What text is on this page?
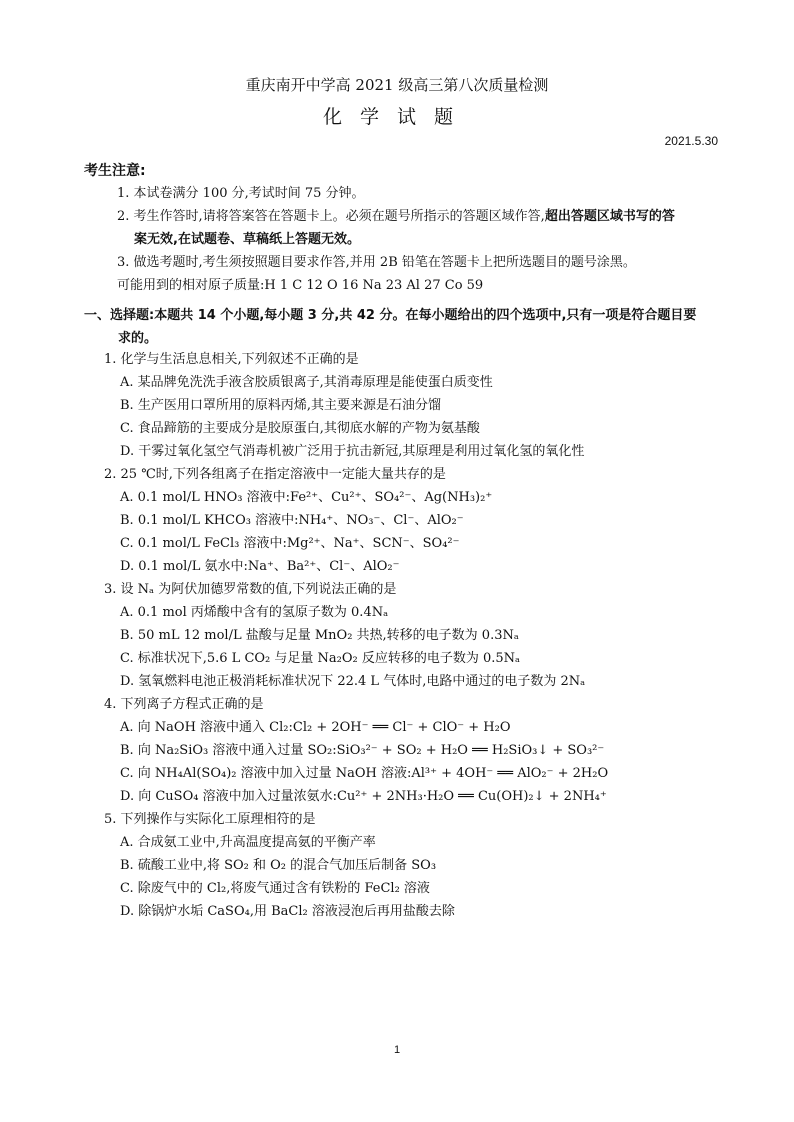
重庆南开中学高 2021 级高三第八次质量检测
化学试题
2021.5.30
考生注意:
1. 本试卷满分 100 分,考试时间 75 分钟。
2. 考生作答时,请将答案答在答题卡上。必须在题号所指示的答题区域作答,超出答题区域书写的答
案无效,在试题卷、草稿纸上答题无效。
3. 做选考题时,考生须按照题目要求作答,并用 2B 铅笔在答题卡上把所选题目的题号涂黑。
可能用到的相对原子质量:H 1 C 12 O 16 Na 23 Al 27 Co 59
一、选择题:本题共 14 个小题,每小题 3 分,共 42 分。在每小题给出的四个选项中,只有一项是符合题目要
求的。
1. 化学与生活息息相关,下列叙述不正确的是
A. 某品牌免洗洗手液含胶质银离子,其消毒原理是能使蛋白质变性
B. 生产医用口罩所用的原料丙烯,其主要来源是石油分馏
C. 食品蹄筋的主要成分是胶原蛋白,其彻底水解的产物为氨基酸
D. 干雾过氧化氢空气消毒机被广泛用于抗击新冠,其原理是利用过氧化氢的氧化性
2. 25 ℃时,下列各组离子在指定溶液中一定能大量共存的是
A. 0.1 mol/L HNO₃ 溶液中:Fe²⁺、Cu²⁺、SO₄²⁻、Ag(NH₃)₂⁺
B. 0.1 mol/L KHCO₃ 溶液中:NH₄⁺、NO₃⁻、Cl⁻、AlO₂⁻
C. 0.1 mol/L FeCl₃ 溶液中:Mg²⁺、Na⁺、SCN⁻、SO₄²⁻
D. 0.1 mol/L 氨水中:Na⁺、Ba²⁺、Cl⁻、AlO₂⁻
3. 设 Nₐ 为阿伏加德罗常数的值,下列说法正确的是
A. 0.1 mol 丙烯酸中含有的氢原子数为 0.4Nₐ
B. 50 mL 12 mol/L 盐酸与足量 MnO₂ 共热,转移的电子数为 0.3Nₐ
C. 标准状况下,5.6 L CO₂ 与足量 Na₂O₂ 反应转移的电子数为 0.5Nₐ
D. 氢氧燃料电池正极消耗标准状况下 22.4 L 气体时,电路中通过的电子数为 2Nₐ
4. 下列离子方程式正确的是
A. 向 NaOH 溶液中通入 Cl₂:Cl₂ + 2OH⁻ ══ Cl⁻ + ClO⁻ + H₂O
B. 向 Na₂SiO₃ 溶液中通入过量 SO₂:SiO₃²⁻ + SO₂ + H₂O ══ H₂SiO₃↓ + SO₃²⁻
C. 向 NH₄Al(SO₄)₂ 溶液中加入过量 NaOH 溶液:Al³⁺ + 4OH⁻ ══ AlO₂⁻ + 2H₂O
D. 向 CuSO₄ 溶液中加入过量浓氨水:Cu²⁺ + 2NH₃·H₂O ══ Cu(OH)₂↓ + 2NH₄⁺
5. 下列操作与实际化工原理相符的是
A. 合成氨工业中,升高温度提高氨的平衡产率
B. 硫酸工业中,将 SO₂ 和 O₂ 的混合气加压后制备 SO₃
C. 除废气中的 Cl₂,将废气通过含有铁粉的 FeCl₂ 溶液
D. 除锅炉水垢 CaSO₄,用 BaCl₂ 溶液浸泡后再用盐酸去除
1
